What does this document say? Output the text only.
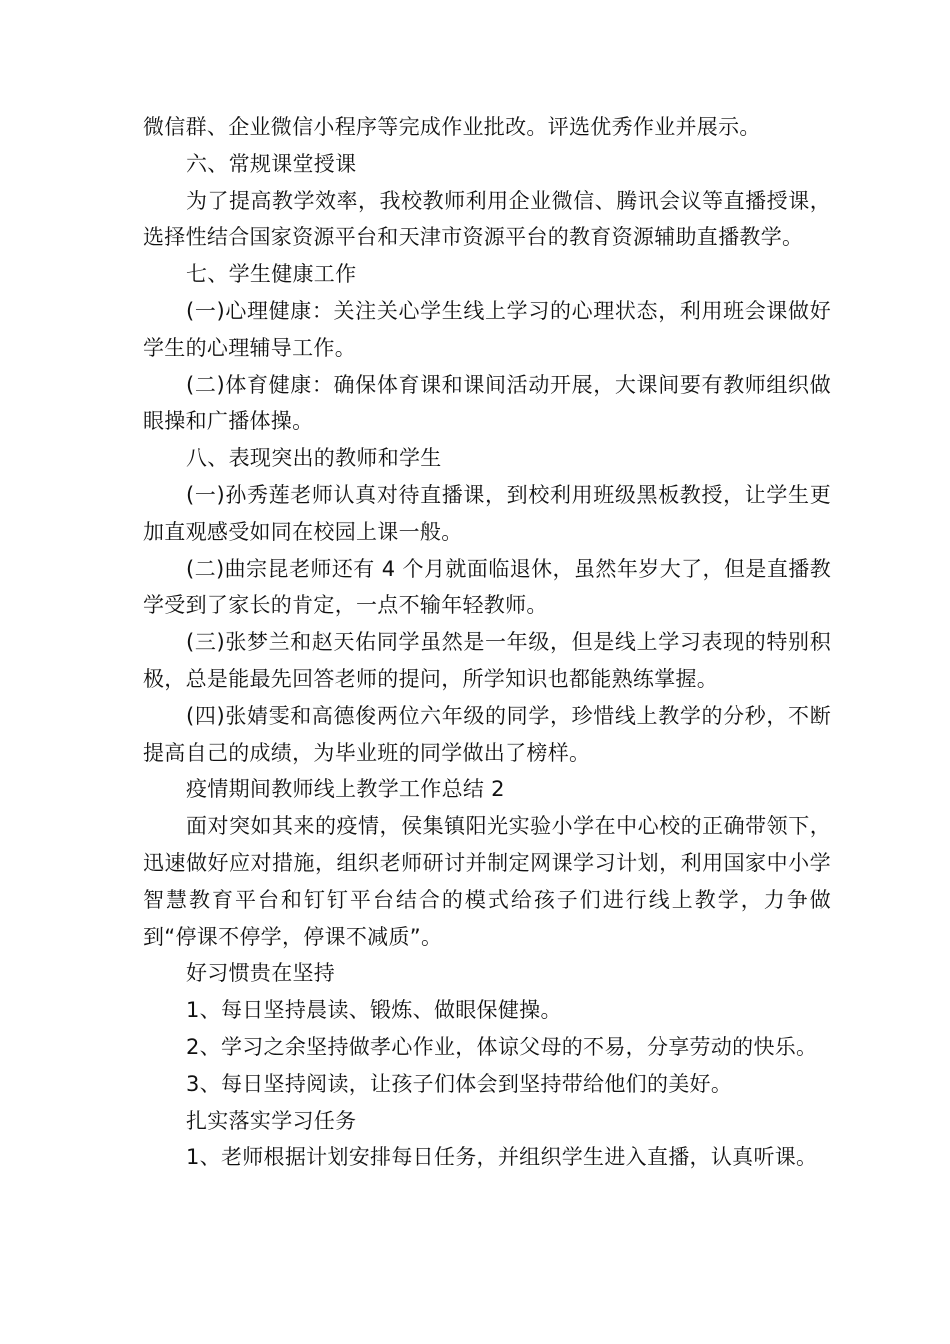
微信群、企业微信小程序等完成作业批改。评选优秀作业并展示。

六、常规课堂授课

为了提高教学效率，我校教师利用企业微信、腾讯会议等直播授课，选择性结合国家资源平台和天津市资源平台的教育资源辅助直播教学。

七、学生健康工作

(一)心理健康：关注关心学生线上学习的心理状态，利用班会课做好学生的心理辅导工作。

(二)体育健康：确保体育课和课间活动开展，大课间要有教师组织做眼操和广播体操。

八、表现突出的教师和学生

(一)孙秀莲老师认真对待直播课，到校利用班级黑板教授，让学生更加直观感受如同在校园上课一般。

(二)曲宗昆老师还有 4 个月就面临退休，虽然年岁大了，但是直播教学受到了家长的肯定，一点不输年轻教师。

(三)张梦兰和赵天佑同学虽然是一年级，但是线上学习表现的特别积极，总是能最先回答老师的提问，所学知识也都能熟练掌握。

(四)张婧雯和高德俊两位六年级的同学，珍惜线上教学的分秒，不断提高自己的成绩，为毕业班的同学做出了榜样。

疫情期间教师线上教学工作总结 2

面对突如其来的疫情，侯集镇阳光实验小学在中心校的正确带领下，迅速做好应对措施，组织老师研讨并制定网课学习计划，利用国家中小学智慧教育平台和钉钉平台结合的模式给孩子们进行线上教学，力争做到“停课不停学，停课不减质”。

好习惯贵在坚持

1、每日坚持晨读、锻炼、做眼保健操。

2、学习之余坚持做孝心作业，体谅父母的不易，分享劳动的快乐。

3、每日坚持阅读，让孩子们体会到坚持带给他们的美好。

扎实落实学习任务

1、老师根据计划安排每日任务，并组织学生进入直播，认真听课。
